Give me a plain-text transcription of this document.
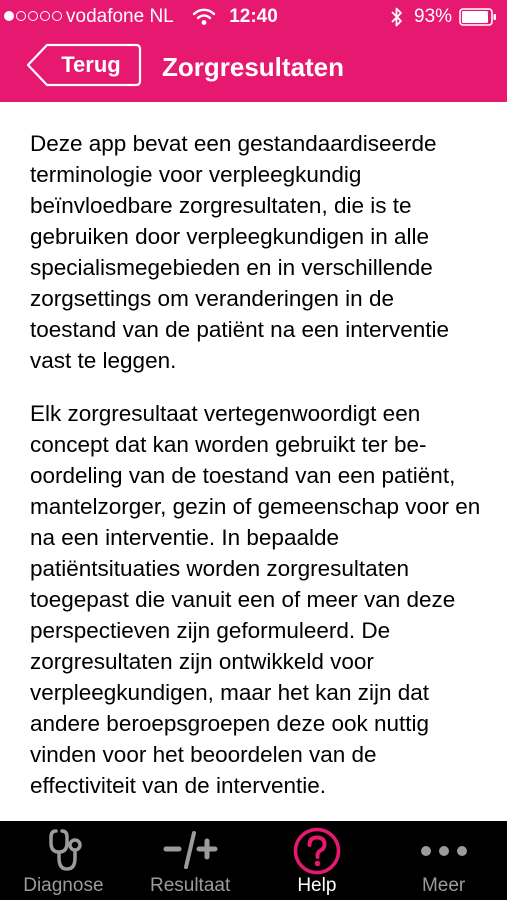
vodafone NL	12:40	93%
Terug	Zorgresultaten

Deze app bevat een gestandaardiseerde terminologie voor verpleegkundig beïnvloedbare zorgresultaten, die is te gebruiken door verpleegkundigen in alle specialismegebieden en in verschillende zorgsettings om veranderingen in de toestand van de patiënt na een interventie vast te leggen.

Elk zorgresultaat vertegenwoordigt een concept dat kan worden gebruikt ter beoordeling van de toestand van een patiënt, mantelzorger, gezin of gemeenschap voor en na een interventie. In bepaalde patiëntsituaties worden zorgresultaten toegepast die vanuit een of meer van deze perspectieven zijn geformuleerd. De zorgresultaten zijn ontwikkeld voor verpleegkundigen, maar het kan zijn dat andere beroepsgroepen deze ook nuttig vinden voor het beoordelen van de effectiviteit van de interventie.

Diagnose	Resultaat	Help	Meer
